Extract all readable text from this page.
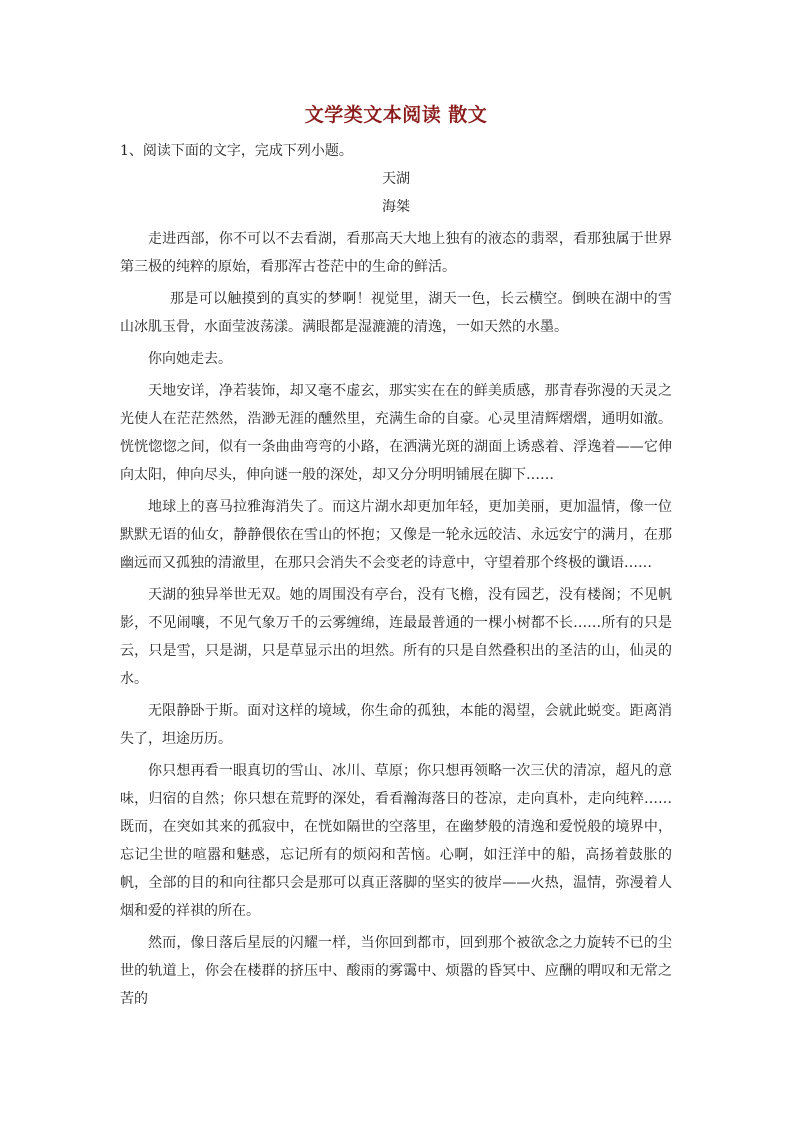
文学类文本阅读 散文

1、阅读下面的文字，完成下列小题。

天湖

海桀

走进西部，你不可以不去看湖，看那高天大地上独有的液态的翡翠，看那独属于世界第三极的纯粹的原始，看那浑古苍茫中的生命的鲜活。

那是可以触摸到的真实的梦啊！视觉里，湖天一色，长云横空。倒映在湖中的雪山冰肌玉骨，水面莹波荡漾。满眼都是湿漉漉的清逸，一如天然的水墨。

你向她走去。

天地安详，净若装饰，却又毫不虚玄，那实实在在的鲜美质感，那青春弥漫的天灵之光使人在茫茫然然，浩渺无涯的醺然里，充满生命的自豪。心灵里清辉熠熠，通明如澈。恍恍惚惚之间，似有一条曲曲弯弯的小路，在洒满光斑的湖面上诱惑着、浮逸着——它伸向太阳，伸向尽头，伸向谜一般的深处，却又分分明明铺展在脚下……

地球上的喜马拉雅海消失了。而这片湖水却更加年轻，更加美丽，更加温情，像一位默默无语的仙女，静静偎依在雪山的怀抱；又像是一轮永远皎洁、永远安宁的满月，在那幽远而又孤独的清澈里，在那只会消失不会变老的诗意中，守望着那个终极的谶语……

天湖的独异举世无双。她的周围没有亭台，没有飞檐，没有园艺，没有楼阁；不见帆影，不见闹嚷，不见气象万千的云雾缠绵，连最最普通的一棵小树都不长……所有的只是云，只是雪，只是湖，只是草显示出的坦然。所有的只是自然叠积出的圣洁的山，仙灵的水。

无限静卧于斯。面对这样的境域，你生命的孤独，本能的渴望，会就此蜕变。距离消失了，坦途历历。

你只想再看一眼真切的雪山、冰川、草原；你只想再领略一次三伏的清凉，超凡的意味，归宿的自然；你只想在荒野的深处，看看瀚海落日的苍凉，走向真朴，走向纯粹……既而，在突如其来的孤寂中，在恍如隔世的空落里，在幽梦般的清逸和爱悦般的境界中，忘记尘世的喧嚣和魅惑，忘记所有的烦闷和苦恼。心啊，如汪洋中的船，高扬着鼓胀的帆，全部的目的和向往都只会是那可以真正落脚的坚实的彼岸——火热，温情，弥漫着人烟和爱的祥祺的所在。

然而，像日落后星辰的闪耀一样，当你回到都市，回到那个被欲念之力旋转不已的尘世的轨道上，你会在楼群的挤压中、酸雨的雾霭中、烦嚣的昏冥中、应酬的喟叹和无常之苦的
